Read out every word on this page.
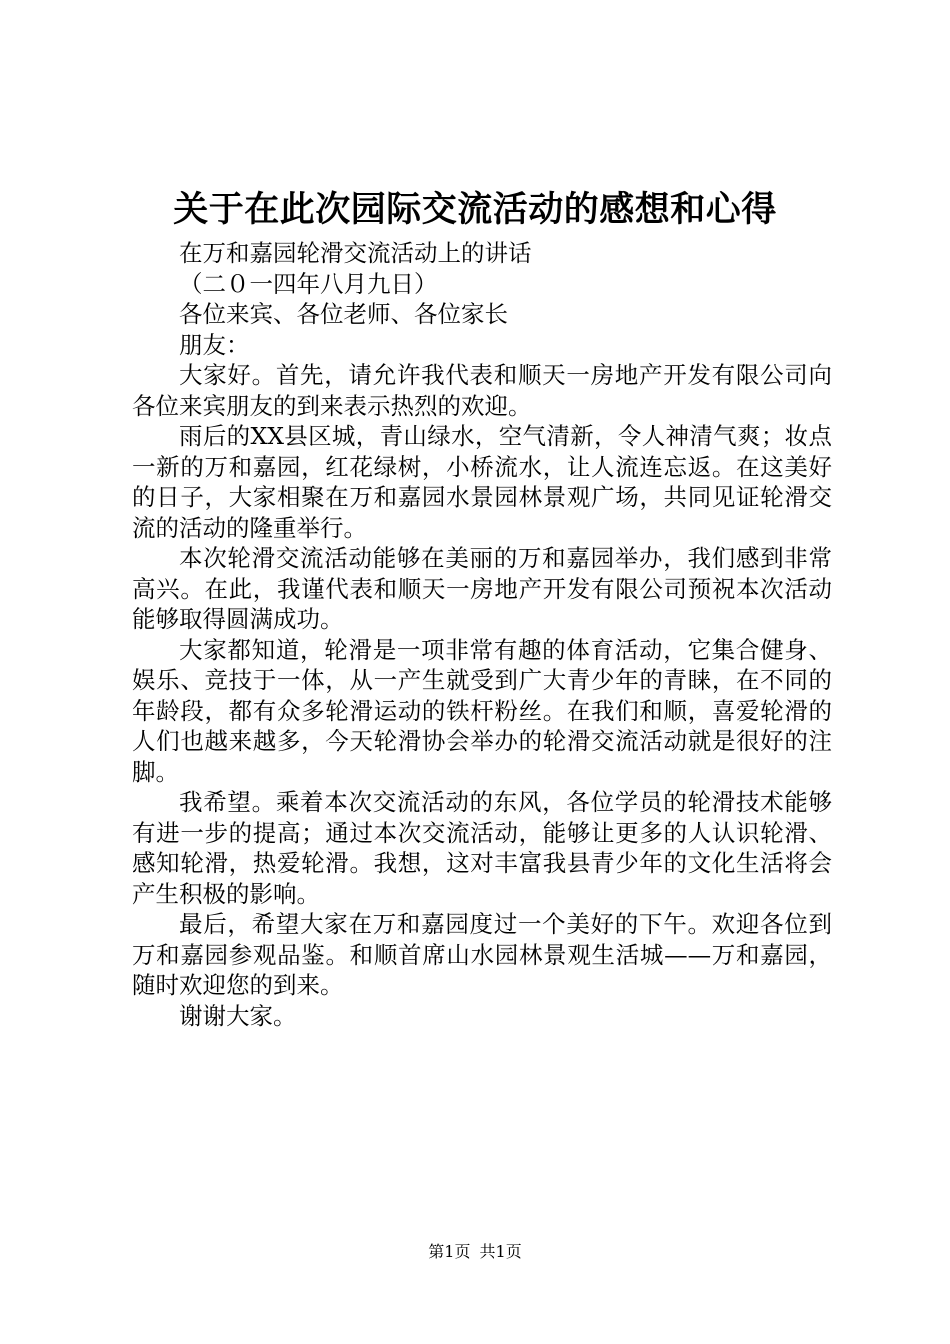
关于在此次园际交流活动的感想和心得

在万和嘉园轮滑交流活动上的讲话

（二０一四年八月九日）

各位来宾、各位老师、各位家长

朋友：

大家好。首先，请允许我代表和顺天一房地产开发有限公司向各位来宾朋友的到来表示热烈的欢迎。

雨后的XX县区城，青山绿水，空气清新，令人神清气爽；妆点一新的万和嘉园，红花绿树，小桥流水，让人流连忘返。在这美好的日子，大家相聚在万和嘉园水景园林景观广场，共同见证轮滑交流的活动的隆重举行。

本次轮滑交流活动能够在美丽的万和嘉园举办，我们感到非常高兴。在此，我谨代表和顺天一房地产开发有限公司预祝本次活动能够取得圆满成功。

大家都知道，轮滑是一项非常有趣的体育活动，它集合健身、娱乐、竞技于一体，从一产生就受到广大青少年的青睐，在不同的年龄段，都有众多轮滑运动的铁杆粉丝。在我们和顺，喜爱轮滑的人们也越来越多，今天轮滑协会举办的轮滑交流活动就是很好的注脚。

我希望。乘着本次交流活动的东风，各位学员的轮滑技术能够有进一步的提高；通过本次交流活动，能够让更多的人认识轮滑、感知轮滑，热爱轮滑。我想，这对丰富我县青少年的文化生活将会产生积极的影响。

最后，希望大家在万和嘉园度过一个美好的下午。欢迎各位到万和嘉园参观品鉴。和顺首席山水园林景观生活城——万和嘉园，随时欢迎您的到来。

谢谢大家。

第1页 共1页
